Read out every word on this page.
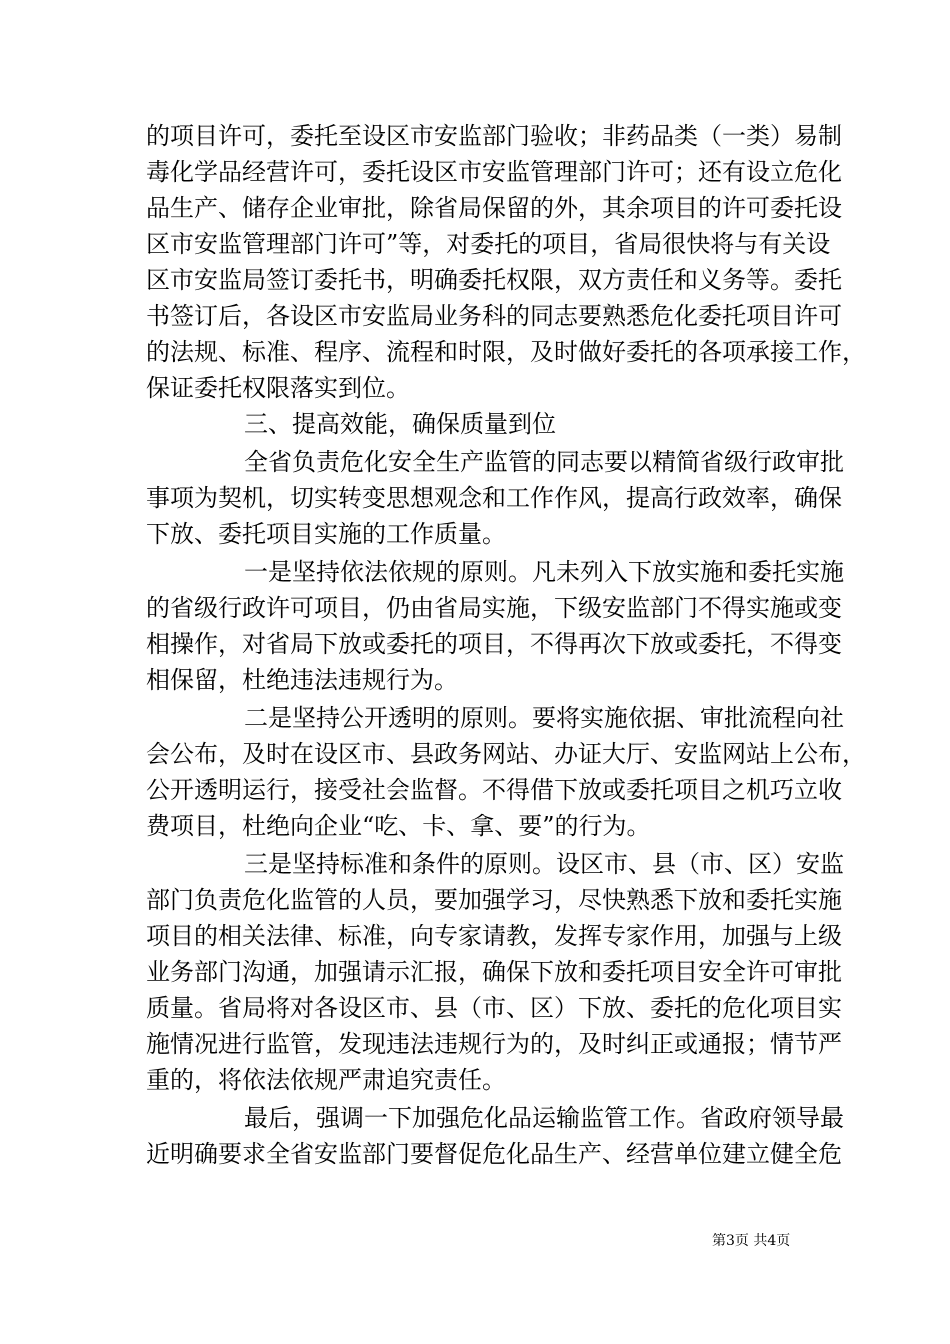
的项目许可，委托至设区市安监部门验收；非药品类（一类）易制

毒化学品经营许可，委托设区市安监管理部门许可；还有设立危化

品生产、储存企业审批，除省局保留的外，其余项目的许可委托设

区市安监管理部门许可”等，对委托的项目，省局很快将与有关设

区市安监局签订委托书，明确委托权限，双方责任和义务等。委托

书签订后，各设区市安监局业务科的同志要熟悉危化委托项目许可

的法规、标准、程序、流程和时限，及时做好委托的各项承接工作，

保证委托权限落实到位。

三、提高效能，确保质量到位

全省负责危化安全生产监管的同志要以精简省级行政审批

事项为契机，切实转变思想观念和工作作风，提高行政效率，确保

下放、委托项目实施的工作质量。

一是坚持依法依规的原则。凡未列入下放实施和委托实施

的省级行政许可项目，仍由省局实施，下级安监部门不得实施或变

相操作，对省局下放或委托的项目，不得再次下放或委托，不得变

相保留，杜绝违法违规行为。

二是坚持公开透明的原则。要将实施依据、审批流程向社

会公布，及时在设区市、县政务网站、办证大厅、安监网站上公布，

公开透明运行，接受社会监督。不得借下放或委托项目之机巧立收

费项目，杜绝向企业“吃、卡、拿、要”的行为。

三是坚持标准和条件的原则。设区市、县（市、区）安监

部门负责危化监管的人员，要加强学习，尽快熟悉下放和委托实施

项目的相关法律、标准，向专家请教，发挥专家作用，加强与上级

业务部门沟通，加强请示汇报，确保下放和委托项目安全许可审批

质量。省局将对各设区市、县（市、区）下放、委托的危化项目实

施情况进行监管，发现违法违规行为的，及时纠正或通报；情节严

重的，将依法依规严肃追究责任。

最后，强调一下加强危化品运输监管工作。省政府领导最

近明确要求全省安监部门要督促危化品生产、经营单位建立健全危

第3页 共4页
